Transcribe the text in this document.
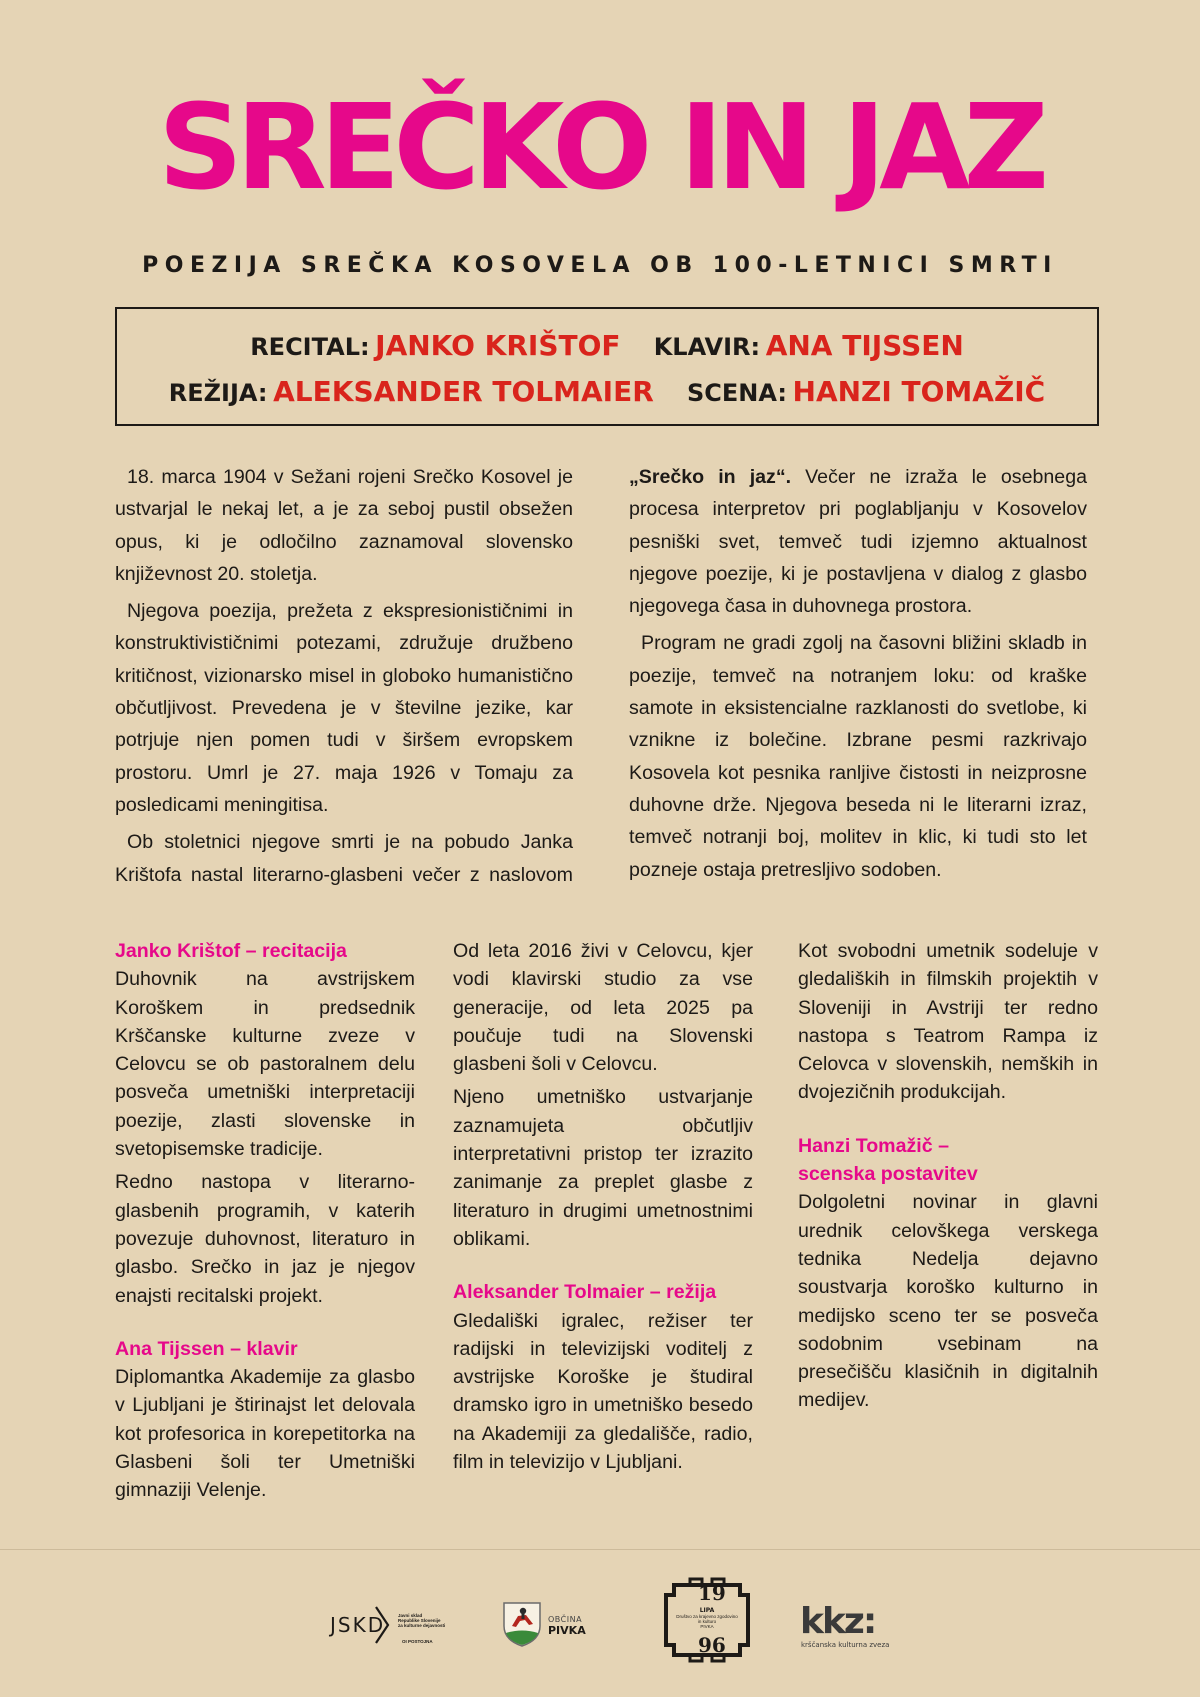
SREČKO IN JAZ
POEZIJA SREČKA KOSOVELA OB 100-LETNICI SMRTI
RECITAL: JANKO KRIŠTOF KLAVIR: ANA TIJSSEN
REŽIJA: ALEKSANDER TOLMAIER SCENA: HANZI TOMAŽIČ

18. marca 1904 v Sežani rojeni Srečko Kosovel je ustvarjal le nekaj let, a je za seboj pustil obsežen opus, ki je odločilno zaznamoval slovensko književnost 20. stoletja.

Njegova poezija, prežeta z ekspresionističnimi in konstruktivističnimi potezami, združuje družbeno kritičnost, vizionarsko misel in globoko humanistično občutljivost. Prevedena je v številne jezike, kar potrjuje njen pomen tudi v širšem evropskem prostoru. Umrl je 27. maja 1926 v Tomaju za posledicami meningitisa.

Ob stoletnici njegove smrti je na pobudo Janka Krištofa nastal literarno-glasbeni večer z naslovom

„Srečko in jaz“. Večer ne izraža le osebnega procesa interpretov pri poglabljanju v Kosovelov pesniški svet, temveč tudi izjemno aktualnost njegove poezije, ki je postavljena v dialog z glasbo njegovega časa in duhovnega prostora.

Program ne gradi zgolj na časovni bližini skladb in poezije, temveč na notranjem loku: od kraške samote in eksistencialne razklanosti do svetlobe, ki vznikne iz bolečine. Izbrane pesmi razkrivajo Kosovela kot pesnika ranljive čistosti in neizprosne duhovne drže. Njegova beseda ni le literarni izraz, temveč notranji boj, molitev in klic, ki tudi sto let pozneje ostaja pretresljivo sodoben.

Janko Krištof – recitacija

Duhovnik na avstrijskem Koroškem in predsednik Krščanske kulturne zveze v Celovcu se ob pastoralnem delu posveča umetniški interpretaciji poezije, zlasti slovenske in svetopisemske tradicije.

Redno nastopa v literarno-glasbenih programih, v katerih povezuje duhovnost, literaturo in glasbo. Srečko in jaz je njegov enajsti recitalski projekt.

Ana Tijssen – klavir

Diplomantka Akademije za glasbo v Ljubljani je štirinajst let delovala kot profesorica in korepetitorka na Glasbeni šoli ter Umetniški gimnaziji Velenje.

Od leta 2016 živi v Celovcu, kjer vodi klavirski studio za vse generacije, od leta 2025 pa poučuje tudi na Slovenski glasbeni šoli v Celovcu.

Njeno umetniško ustvarjanje zaznamujeta občutljiv interpretativni pristop ter izrazito zanimanje za preplet glasbe z literaturo in drugimi umetnostnimi oblikami.

Aleksander Tolmaier – režija

Gledališki igralec, režiser ter radijski in televizijski voditelj z avstrijske Koroške je študiral dramsko igro in umetniško besedo na Akademiji za gledališče, radio, film in televizijo v Ljubljani.

Kot svobodni umetnik sodeluje v gledaliških in filmskih projektih v Sloveniji in Avstriji ter redno nastopa s Teatrom Rampa iz Celovca v slovenskih, nemških in dvojezičnih produkcijah.

Hanzi Tomažič –
scenska postavitev

Dolgoletni novinar in glavni urednik celovškega verskega tednika Nedelja dejavno soustvarja koroško kulturno in medijsko sceno ter se posveča sodobnim vsebinam na presečišču klasičnih in digitalnih medijev.

JSKD	Javni sklad
Republike Slovenije
za kulturne dejavnosti
OI POSTOJNA
OBČINA
PIVKA
19
LIPA
Društvo za krajevno zgodovino
in kulturo
PIVKA
96
kkz:
krščanska kulturna zveza
